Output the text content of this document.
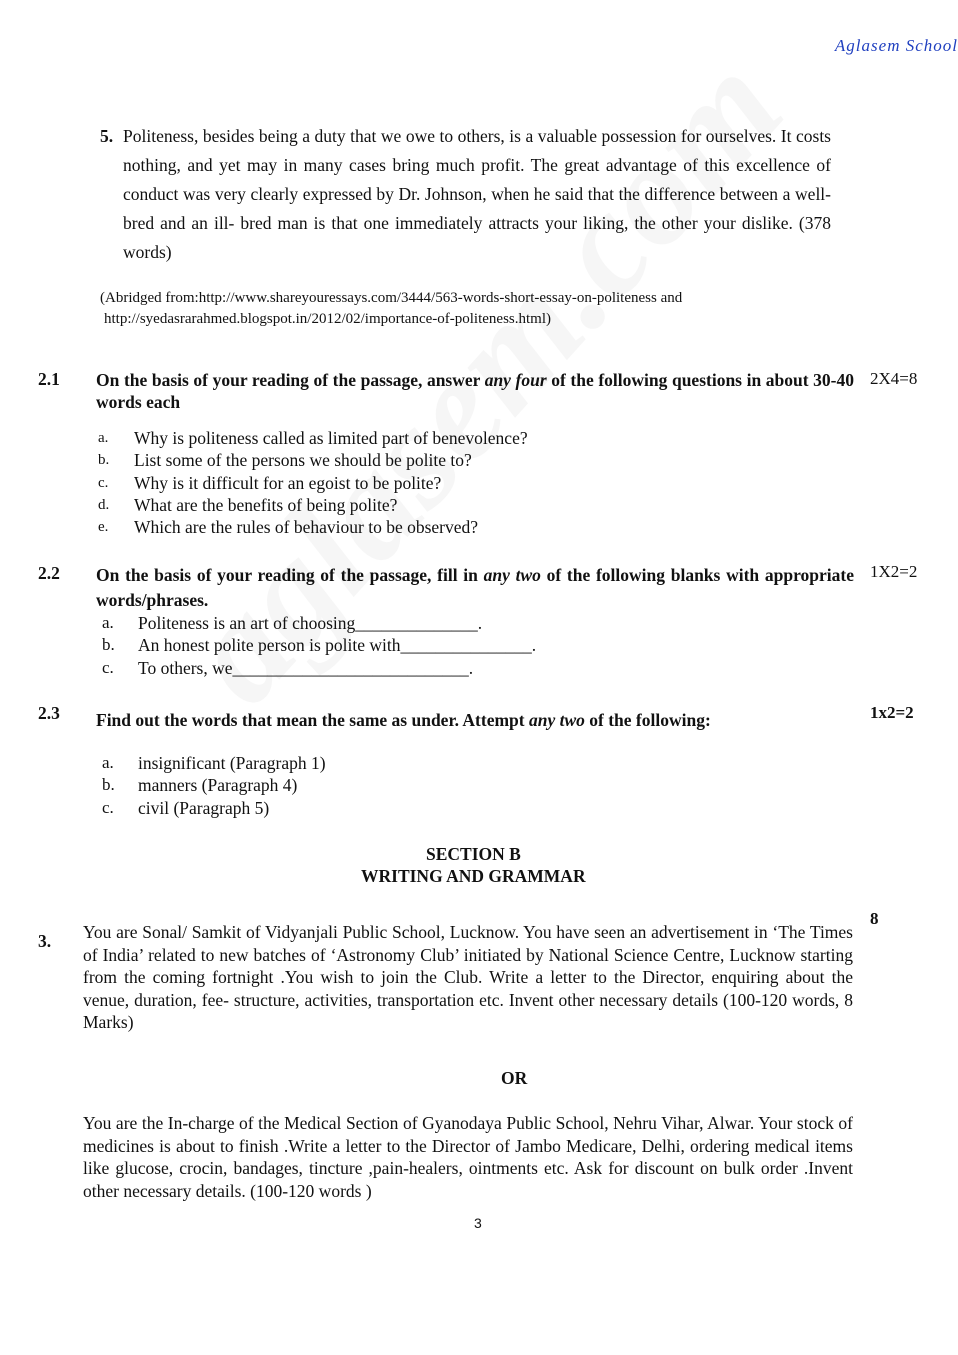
Aglasem School
5. Politeness, besides being a duty that we owe to others, is a valuable possession for ourselves. It costs nothing, and yet may in many cases bring much profit. The great advantage of this excellence of conduct was very clearly expressed by Dr. Johnson, when he said that the difference between a well-bred and an ill- bred man is that one immediately attracts your liking, the other your dislike. (378 words)
(Abridged from:http://www.shareyouressays.com/3444/563-words-short-essay-on-politeness and
http://syedasrarahmed.blogspot.in/2012/02/importance-of-politeness.html)
2.1 On the basis of your reading of the passage, answer any four of the following questions in about 30-40 words each
2X4=8
a. Why is politeness called as limited part of benevolence?
b. List some of the persons we should be polite to?
c. Why is it difficult for an egoist to be polite?
d. What are the benefits of being polite?
e. Which are the rules of behaviour to be observed?
2.2 On the basis of your reading of the passage, fill in any two of the following blanks with appropriate words/phrases.
1X2=2
a. Politeness is an art of choosing______________.
b. An honest polite person is polite with_______________.
c. To others, we___________________________.
2.3 Find out the words that mean the same as under. Attempt any two of the following:	1x2=2
a. insignificant (Paragraph 1)
b. manners (Paragraph 4)
c. civil (Paragraph 5)
SECTION B
WRITING AND GRAMMAR
3.
8
You are Sonal/ Samkit of Vidyanjali Public School, Lucknow. You have seen an advertisement in ‘The Times of India’ related to new batches of ‘Astronomy Club’ initiated by National Science Centre, Lucknow starting from the coming fortnight .You wish to join the Club. Write a letter to the Director, enquiring about the venue, duration, fee- structure, activities, transportation etc. Invent other necessary details (100-120 words, 8 Marks)
OR
You are the In-charge of the Medical Section of Gyanodaya Public School, Nehru Vihar, Alwar. Your stock of medicines is about to finish .Write a letter to the Director of Jambo Medicare, Delhi, ordering medical items like glucose, crocin, bandages, tincture ,pain-healers, ointments etc. Ask for discount on bulk order .Invent other necessary details. (100-120 words )
3
